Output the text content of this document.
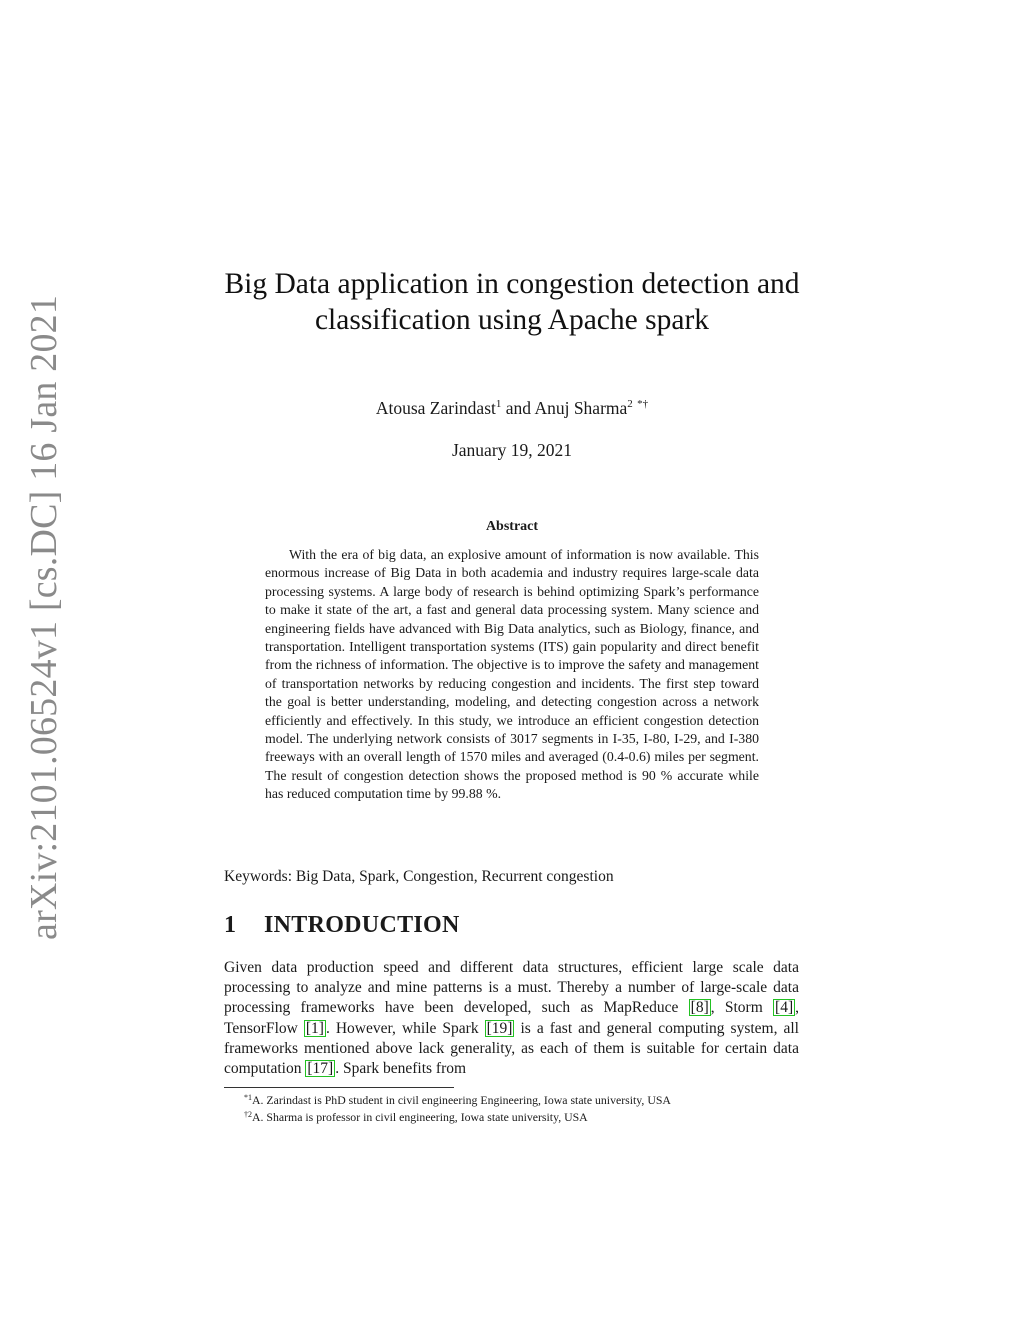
arXiv:2101.06524v1 [cs.DC] 16 Jan 2021
Big Data application in congestion detection and classification using Apache spark
Atousa Zarindast$^1$ and Anuj Sharma$^2$ *†
January 19, 2021
Abstract

With the era of big data, an explosive amount of information is now available. This enormous increase of Big Data in both academia and industry requires large-scale data processing systems. A large body of research is behind optimizing Spark’s performance to make it state of the art, a fast and general data processing system. Many science and engineering fields have advanced with Big Data analytics, such as Biology, finance, and transportation. Intelligent transportation systems (ITS) gain popularity and direct benefit from the richness of information. The objective is to improve the safety and management of transportation networks by reducing congestion and incidents. The first step toward the goal is better understanding, modeling, and detecting congestion across a network efficiently and effectively. In this study, we introduce an efficient congestion detection model. The underlying network consists of 3017 segments in I-35, I-80, I-29, and I-380 freeways with an overall length of 1570 miles and averaged (0.4-0.6) miles per segment. The result of congestion detection shows the proposed method is 90 % accurate while has reduced computation time by 99.88 %.

Keywords: Big Data, Spark, Congestion, Recurrent congestion
1 INTRODUCTION

Given data production speed and different data structures, efficient large scale data processing to analyze and mine patterns is a must. Thereby a number of large-scale data processing frameworks have been developed, such as MapReduce [8] , Storm [4] , TensorFlow [1] . However, while Spark [19] is a fast and general computing system, all frameworks mentioned above lack generality, as each of them is suitable for certain data computation [17] . Spark benefits from

$^{*1}$A. Zarindast is PhD student in civil engineering Engineering, Iowa state university, USA

$^{\dagger 2}$A. Sharma is professor in civil engineering, Iowa state university, USA
